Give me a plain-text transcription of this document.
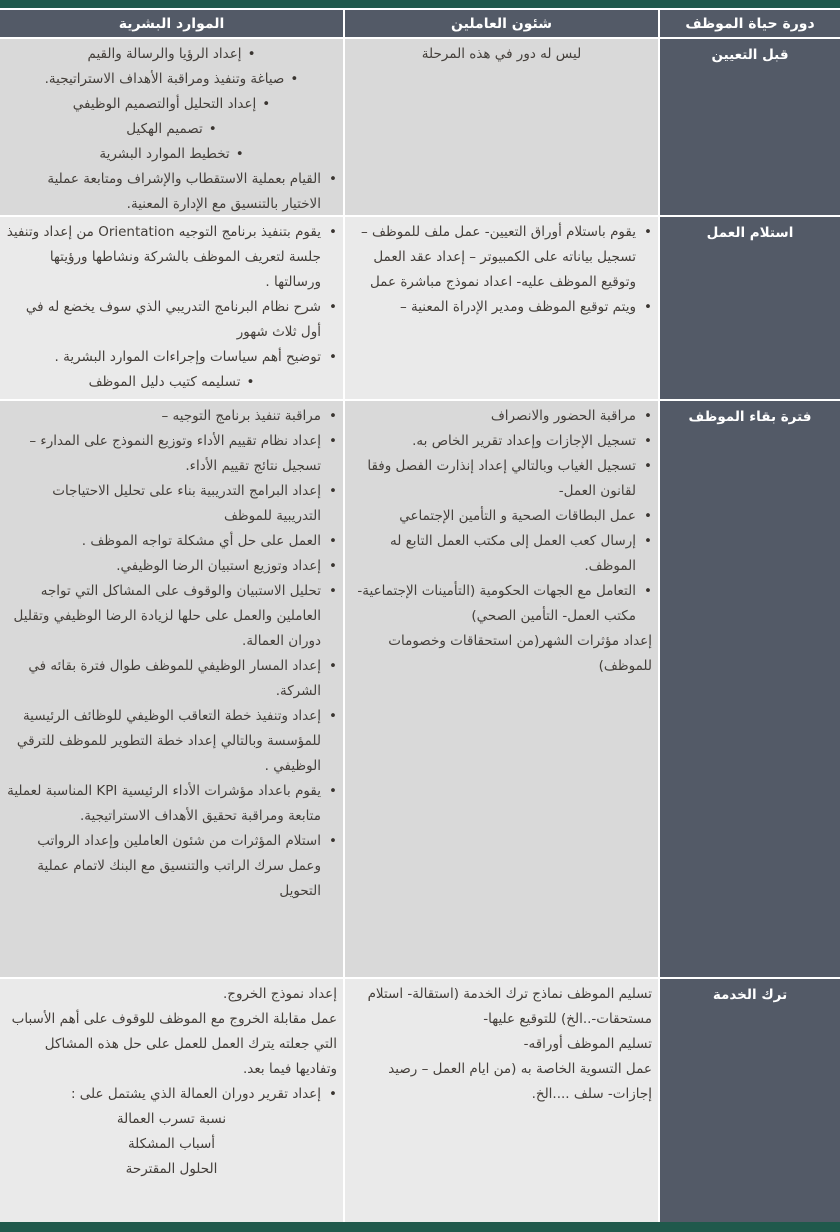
دورة حياة الموظف
شئون العاملين
الموارد البشرية
قبل التعيين
ليس له دور في هذه المرحلة
•إعداد الرؤيا والرسالة والقيم
•صياغة وتنفيذ ومراقبة الأهداف الاستراتيجية.
•إعداد التحليل أوالتصميم الوظيفي
•تصميم الهكيل
•تخطيط الموارد البشرية
•
القيام بعملية الاستقطاب والإشراف ومتابعة عملية الاختيار بالتنسيق مع الإدارة المعنية.
استلام العمل
•
يقوم باستلام أوراق التعيين- عمل ملف للموظف – تسجيل بياناته على الكمبيوتر – إعداد عقد العمل وتوقيع الموظف عليه- اعداد نموذج مباشرة عمل
•
ويتم توقيع الموظف ومدير الإدراة المعنية –
•
يقوم بتنفيذ برنامج التوجيه Orientation من إعداد وتنفيذ جلسة لتعريف الموظف بالشركة ونشاطها ورؤيتها ورسالتها .
•
شرح نظام البرنامج التدريبي الذي سوف يخضع له في أول ثلاث شهور
•
توضيح أهم سياسات وإجراءات الموارد البشرية .
•تسليمه كتيب دليل الموظف
فترة بقاء الموظف
•
مراقبة الحضور والانصراف
•
تسجيل الإجازات وإعداد تقرير الخاص به.
•
تسجيل الغياب وبالتالي إعداد إنذارت الفصل وفقا لقانون العمل-
•
عمل البطاقات الصحية و التأمين الإجتماعي
•
إرسال كعب العمل إلى مكتب العمل التابع له الموظف.
•
التعامل مع الجهات الحكومية (التأمينات الإجتماعية- مكتب العمل- التأمين الصحي)
إعداد مؤثرات الشهر(من استحقاقات وخصومات للموظف)
•
مراقبة تنفيذ برنامج التوجيه –
•
إعداد نظام تقييم الأداء وتوزيع النموذج على المدارء – تسجيل نتائج تقييم الأداء.
•
إعداد البرامج التدريبية بناء على تحليل الاحتياجات التدريبية للموظف
•
العمل على حل أي مشكلة تواجه الموظف .
•
إعداد وتوزيع استبيان الرضا الوظيفي.
•
تحليل الاستبيان والوقوف على المشاكل التي تواجه العاملين والعمل على حلها لزيادة الرضا الوظيفي وتقليل دوران العمالة.
•
إعداد المسار الوظيفي للموظف طوال فترة بقائه في الشركة.
•
إعداد وتنفيذ خطة التعاقب الوظيفي للوظائف الرئيسية للمؤسسة وبالتالي إعداد خطة التطوير للموظف للترقي الوظيفي .
•
يقوم باعداد مؤشرات الأداء الرئيسية KPI المناسبة لعملية متابعة ومراقبة تحقيق الأهداف الاستراتيجية.
•
استلام المؤثرات من شئون العاملين وإعداد الرواتب وعمل سرك الراتب والتنسيق مع البنك لاتمام عملية التحويل
ترك الخدمة
تسليم الموظف نماذج ترك الخدمة (استقالة- استلام مستحقات-..الخ) للتوقيع عليها-
تسليم الموظف أوراقه-
عمل التسوية الخاصة به (من ايام العمل – رصيد إجازات- سلف ....الخ.
إعداد نموذج الخروج.
عمل مقابلة الخروج مع الموظف للوقوف على أهم الأسباب التي جعلته يترك العمل للعمل على حل هذه المشاكل وتفاديها فيما بعد.
•
إعداد تقرير دوران العمالة الذي يشتمل على :
نسبة تسرب العمالة
أسباب المشكلة
الحلول المقترحة
